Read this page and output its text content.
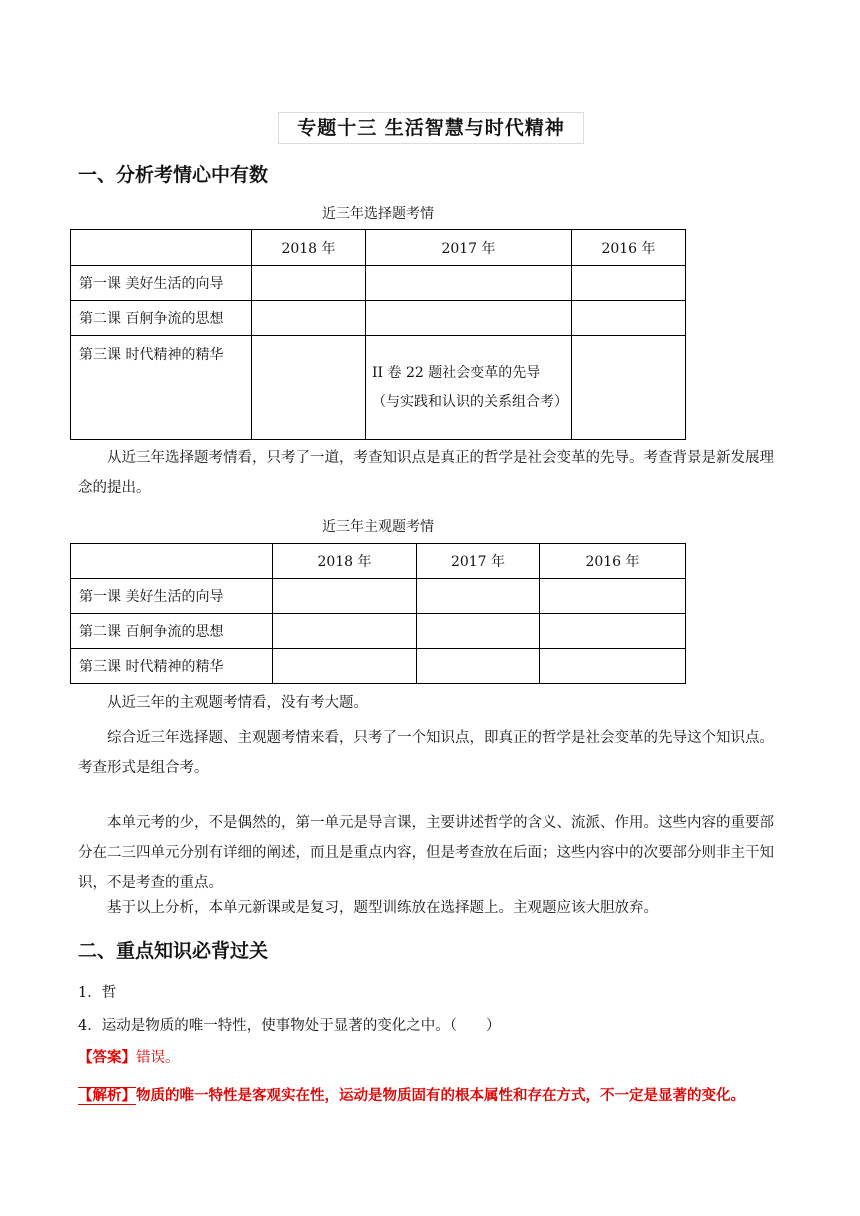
专题十三 生活智慧与时代精神
一、分析考情心中有数
近三年选择题考情
	2018 年	2017 年	2016 年
第一课 美好生活的向导			
第二课 百舸争流的思想			
第三课 时代精神的精华		II 卷 22 题社会变革的先导（与实践和认识的关系组合考）	
从近三年选择题考情看，只考了一道，考查知识点是真正的哲学是社会变革的先导。考查背景是新发展理念的提出。
近三年主观题考情
	2018 年	2017 年	2016 年
第一课 美好生活的向导			
第二课 百舸争流的思想			
第三课 时代精神的精华			
从近三年的主观题考情看，没有考大题。
综合近三年选择题、主观题考情来看，只考了一个知识点，即真正的哲学是社会变革的先导这个知识点。考查形式是组合考。
本单元考的少，不是偶然的，第一单元是导言课，主要讲述哲学的含义、流派、作用。这些内容的重要部分在二三四单元分别有详细的阐述，而且是重点内容，但是考查放在后面；这些内容中的次要部分则非主干知识，不是考查的重点。
基于以上分析，本单元新课或是复习，题型训练放在选择题上。主观题应该大胆放弃。
二、重点知识必背过关
1．哲
4．运动是物质的唯一特性，使事物处于显著的变化之中。（　　）
【答案】错误。
【解析】物质的唯一特性是客观实在性，运动是物质固有的根本属性和存在方式，不一定是显著的变化。
